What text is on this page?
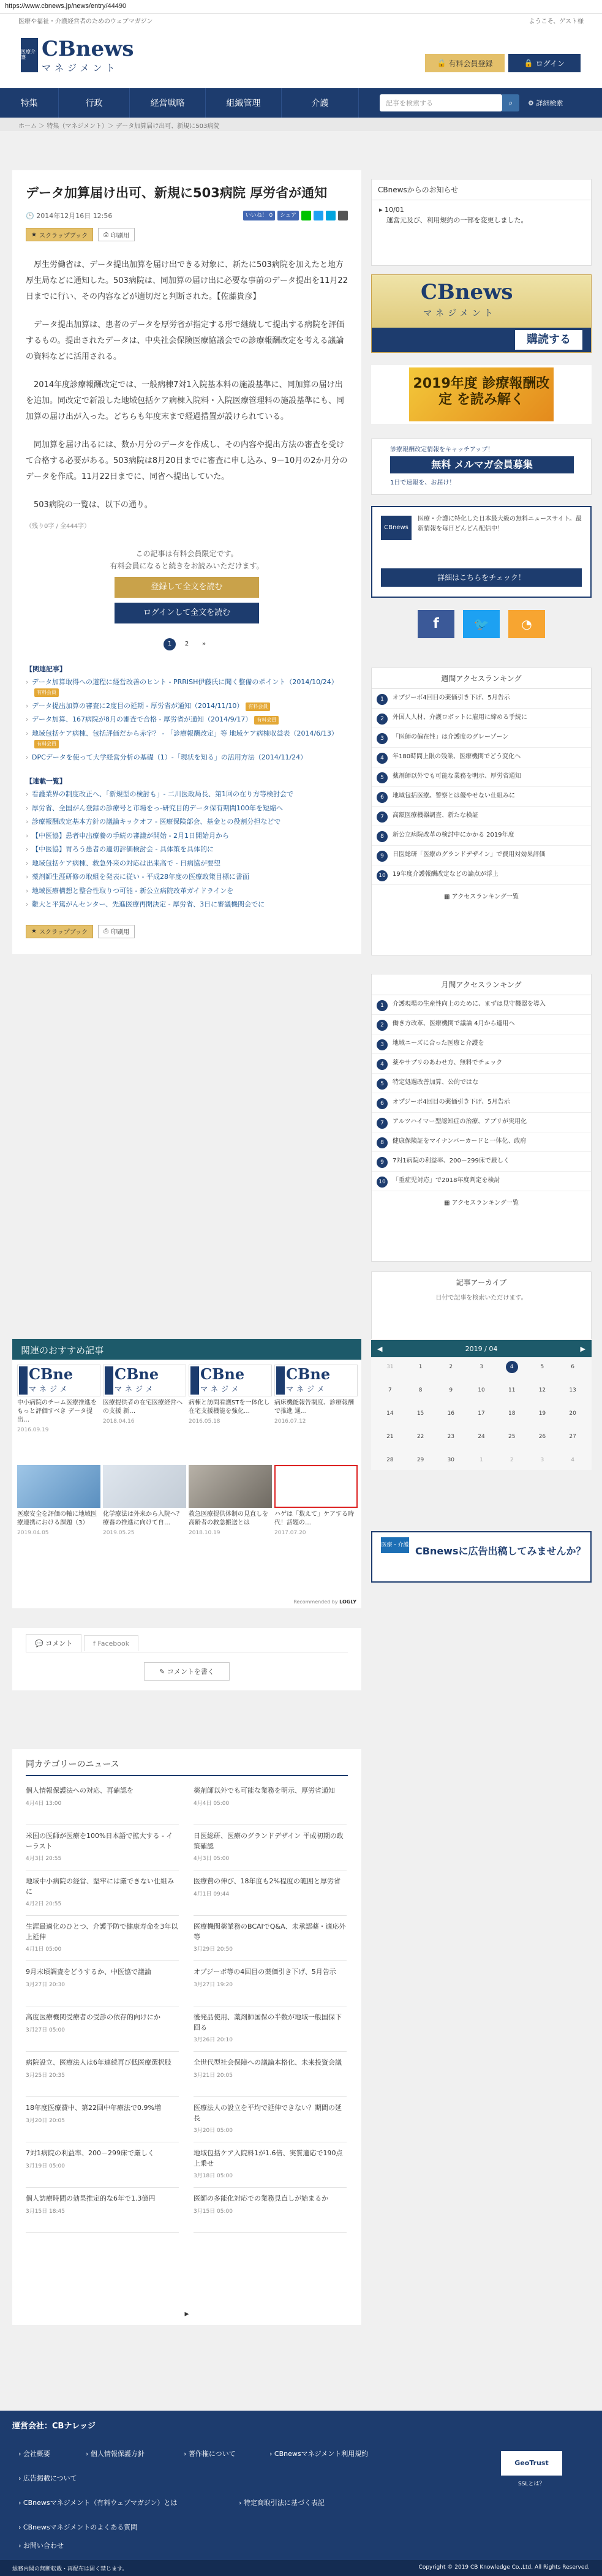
https://www.cbnews.jp/news/entry/44490
医療や福祉・介護経営者のためのウェブマガジン	ようこそ、ゲスト様
医療介護 CBnews
マネジメント	🔒 有料会員登録	🔒 ログイン
特集	行政	経営戦略	組織管理	介護	記事を検索する	⌕	⚙ 詳細検索
ホーム ＞ 特集（マネジメント）＞ データ加算届け出可、新規に503病院
データ加算届け出可、新規に503病院 厚労省が通知
🕒 2014年12月16日 12:56	いいね！ 0	シェア
★ スクラップブック	⎙ 印刷用

厚生労働省は、データ提出加算を届け出できる対象に、新たに503病院を加えたと地方厚生局などに通知した。503病院は、同加算の届け出に必要な事前のデータ提出を11月22日までに行い、その内容などが適切だと判断された。【佐藤貴彦】

データ提出加算は、患者のデータを厚労省が指定する形で継続して提出する病院を評価するもの。提出されたデータは、中央社会保険医療協議会での診療報酬改定を考える議論の資料などに活用される。

2014年度診療報酬改定では、一般病棟7対1入院基本料の施設基準に、同加算の届け出を追加。同改定で新設した地域包括ケア病棟入院料・入院医療管理料の施設基準にも、同加算の届け出が入った。どちらも年度末まで経過措置が設けられている。

同加算を届け出るには、数か月分のデータを作成し、その内容や提出方法の審査を受けて合格する必要がある。503病院は8月20日までに審査に申し込み、9－10月の2か月分のデータを作成。11月22日までに、同省へ提出していた。

503病院の一覧は、以下の通り。

（残り0字 / 全444字）

この記事は有料会員限定です。
有料会員になると続きをお読みいただけます。
登録して全文を読む
ログインして全文を読む
1	2	»
【関連記事】
› データ加算取得への道程に経営改善のヒント - PRRISH伊藤氏に聞く整備のポイント（2014/10/24）有料会員
› データ提出加算の審査に2度目の延期 - 厚労省が通知（2014/11/10） 有料会員
› データ加算、167病院が8月の審査で合格 - 厚労省が通知（2014/9/17） 有料会員
› 地域包括ケア病棟、包括評価だから赤字？ - 「診療報酬改定」等 地域ケア病棟収益表（2014/6/13）有料会員
› DPCデータを使って大学経営分析の基礎（1）-「現状を知る」の活用方法（2014/11/24）
【連載一覧】
› 看護業界の制度改正へ、「新規型の検討も」- 二川医政局長、第1回の在り方等検討会で
› 厚労省、全国がん登録の診療号と市場をっ-研究目的データ保有期間100年を短縮へ
› 診療報酬改定基本方針の議論キックオフ - 医療保険部会、基金との役割分担などで
› 【中医協】患者申出療養の手続の審議が開始 - 2月1日開始月から
› 【中医協】胃ろう患者の適切評価検討会 - 具体策を具体的に
› 地域包括ケア病棟、救急外来の対応は出来高で - 日病協が要望
› 薬剤師生涯研修の取組を発表に従い - 平成28年度の医療政策目標に書面
› 地域医療構想と整合性取りつ可能 - 新公立病院改革ガイドラインを
› 難大と平篤がんセンター、先進医療再開決定 - 厚労省、3日に審議機関会でに
★ スクラップブック	⎙ 印刷用
関連のおすすめ記事
CBne
マネジメ
中小病院のチーム医療推進をもっと評価すべき データ提出…
2016.09.19
CBne
マネジメ
医療提供者の在宅医療経営への支援 新…
2018.04.16
CBne
マネジメ
病棟と訪問看護STを一体化し在宅支援機能を強化…
2016.05.18
CBne
マネジメ
病床機能報告制度、診療報酬で推進 通…
2016.07.12
医療安全を評価の軸に地域医療連携における課題（3）
2019.04.05
化学療法は外来から入院へ？ 療養の推進に向けて自…
2019.05.25
救急医療提供体制の見直しを 高齢者の救急搬送とは
2018.10.19
ハゲは「数えて」ケアする時代！話題の…
2017.07.20
Recommended by LOGLY
💬 コメント	f Facebook
✎ コメントを書く
同カテゴリーのニュース
個人情報保護法への対応、再確認を
4月4日 13:00
米国の医師が医療を100%日本語で拡大する - イーラスト
4月3日 20:55
地域中小病院の経営、堅牢には厳できない仕組みに
4月2日 20:55
生涯最適化のひとつ、介護予防で健康寿命を3年以上延伸
4月1日 05:00
9月末頃調査をどうするか、中医協で議論
3月27日 20:30
高度医療機関受療者の受診の依存的向けにか
3月27日 05:00
病院設立、医療法人は6年連続再び低医療選択肢
3月25日 20:35
18年度医療費中、第22回中年療法で0.9%増
3月20日 20:05
7対1病院の利益率、200－299床で厳しく
3月19日 05:00
個人訪療時間の効果推定的な6年で1.3億円
3月15日 18:45
薬剤師以外でも可能な業務を明示、厚労省通知
4月4日 05:00
日医総研、医療のグランドデザイン 平成初期の政策確認
4月3日 05:00
医療費の伸び、18年度も2%程度の範囲と厚労省
4月1日 09:44
医療機関薬業務のBCAIでQ&A、未承認薬・適応外等
3月29日 20:50
オプジーボ等の4回目の薬価引き下げ、5月告示
3月27日 19:20
後発品使用、薬剤師国保の半数が地域一般国保下回る
3月26日 20:10
全世代型社会保障への議論本格化、未来投資会議
3月21日 20:05
医療法人の設立を平均で延伸できない？期間の延長
3月20日 05:00
地域包括ケア入院料1が1.6倍、実質適応で190点上乗せ
3月18日 05:00
医師の多能化対応での業務見直しが始まるか
3月15日 05:00
▸
CBnewsからのお知らせ
▸ 10/01
運営元及び、利用規約の一部を変更しました。
CBnews
マネジメント
購読する
2019年度 診療報酬改定 を読み解く
診療報酬改定情報をキャッチアップ！
無料 メルマガ会員募集
1日で速報を、お届け！
CBnews
医療・介護に特化した日本最大級の無料ニュースサイト。最新情報を毎日どんどん配信中！
詳細はこちらをチェック！
f	🐦	◔
週間アクセスランキング
1	オプジーボ4回目の薬価引き下げ、5月告示
2	外国人人材、介護ロボットに雇用に締める手続に
3	「医師の偏在性」は介護度のグレーゾーン
4	年180時間上限の残業、医療機関でどう変化へ
5	薬剤師以外でも可能な業務を明示、厚労省通知
6	地域包括医療。警察とは優やせない仕組みに
7	高額医療機器調査、新たな検証
8	新公立病院改革の検討中にかかる 2019年度
9	日医総研「医療のグランドデザイン」で費用対効果評価
10	19年度介護報酬改定などの論点が浮上
▦ アクセスランキング一覧
月間アクセスランキング
1	介護現場の生産性向上のために、まずは見守機器を導入
2	働き方改革、医療機関で議論 4月から適用へ
3	地域ニーズに合った医療と介護を
4	薬やサプリのあわせ方、無料でチェック
5	特定処遇改善加算、公的ではな
6	オプジーボ4回目の薬価引き下げ、5月告示
7	アルツハイマー型認知症の治療、アプリが実用化
8	健康保険証をマイナンバーカードと一体化、政府
9	7対1病院の利益率、200－299床で厳しく
10	「重症児対応」で2018年度判定を検討
▦ アクセスランキング一覧
記事アーカイブ
日付で記事を検索いただけます。
◀	2019 / 04	▶
31	1	2	3	4	5	6
7	8	9	10	11	12	13
14	15	16	17	18	19	20
21	22	23	24	25	26	27
28	29	30	1	2	3	4
医療・介護 CBnewsに広告出稿してみませんか？
運営会社：CBナレッジ
› 会社概要	› 個人情報保護方針	› 著作権について	› CBnewsマネジメント利用規約
› 広告掲載について
› CBnewsマネジメント（有料ウェブマガジン）とは	› 特定商取引法に基づく表記
› CBnewsマネジメントのよくある質問
› お問い合わせ
GeoTrust
SSLとは？
総務内閣の無断転載・再配布は固く禁じます。	Copyright © 2019 CB Knowledge Co.,Ltd. All Rights Reserved.
